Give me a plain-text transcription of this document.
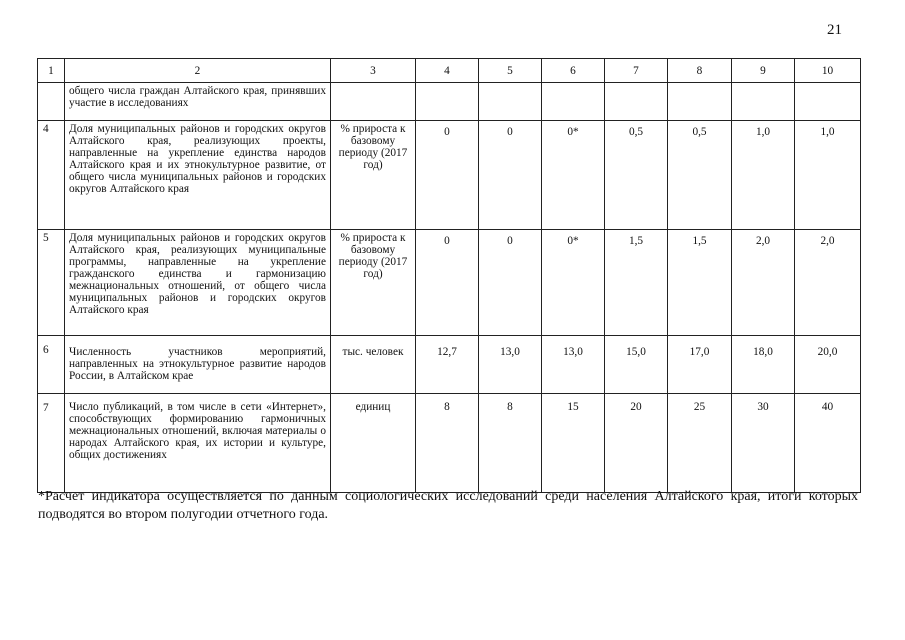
21
1	2	3	4	5	6	7	8	9	10
	общего числа граждан Алтайского края, принявших участие в исследованиях								
4	Доля муниципальных районов и городских округов Алтайского края, реализующих проекты, направленные на укрепление единства народов Алтайского края и их этнокультурное развитие, от общего числа муниципальных районов и городских округов Алтайского края	% прироста к базовому периоду (2017 год)	0	0	0*	0,5	0,5	1,0	1,0
5	Доля муниципальных районов и городских округов Алтайского края, реализующих муниципальные программы, направленные на укрепление гражданского единства и гармонизацию межнациональных отношений, от общего числа муниципальных районов и городских округов Алтайского края	% прироста к базовому периоду (2017 год)	0	0	0*	1,5	1,5	2,0	2,0
6	Численность участников мероприятий, направленных на этнокультурное развитие народов России, в Алтайском крае	тыс. человек	12,7	13,0	13,0	15,0	17,0	18,0	20,0
7	Число публикаций, в том числе в сети «Интернет», способствующих формированию гармоничных межнациональных отношений, включая материалы о народах Алтайского края, их истории и культуре, общих достижениях	единиц	8	8	15	20	25	30	40
*Расчет индикатора осуществляется по данным социологических исследований среди населения Алтайского края, итоги которых подводятся во втором полугодии отчетного года.
